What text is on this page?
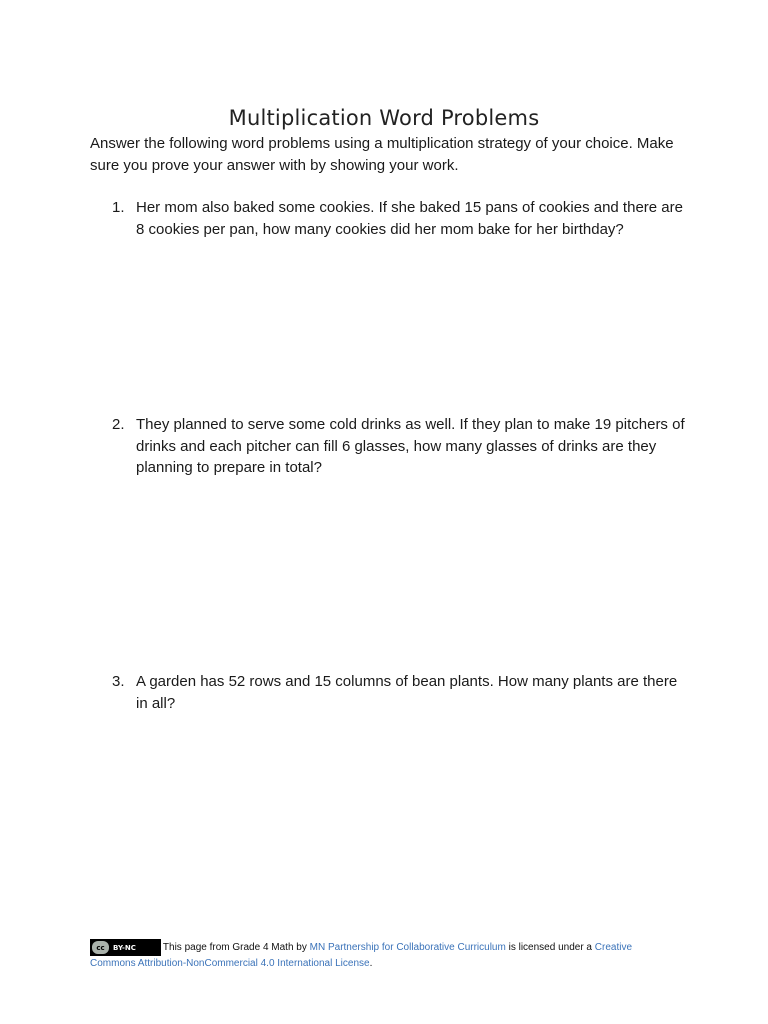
Multiplication Word Problems
Answer the following word problems using a multiplication strategy of your choice. Make sure you prove your answer with by showing your work.
1. Her mom also baked some cookies. If she baked 15 pans of cookies and there are 8 cookies per pan, how many cookies did her mom bake for her birthday?
2. They planned to serve some cold drinks as well. If they plan to make 19 pitchers of drinks and each pitcher can fill 6 glasses, how many glasses of drinks are they planning to prepare in total?
3. A garden has 52 rows and 15 columns of bean plants. How many plants are there in all?
cc	BY-NC	This page from Grade 4 Math by MN Partnership for Collaborative Curriculum is licensed under a Creative Commons Attribution-NonCommercial 4.0 International License.
